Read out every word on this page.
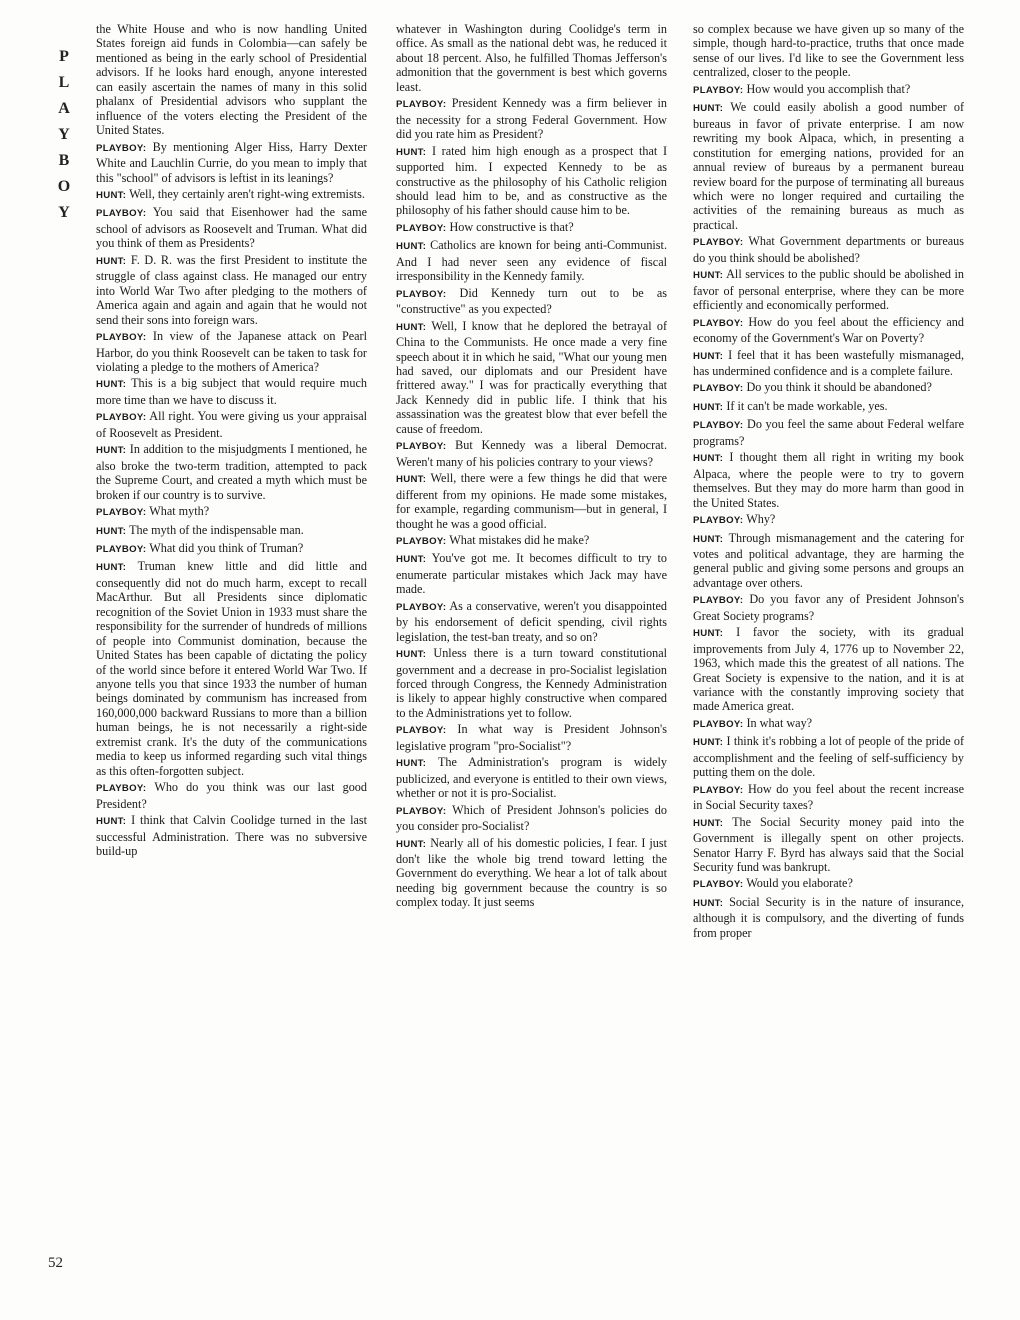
P
L
A
Y
B
O
Y

the White House and who is now handling United States foreign aid funds in Colombia—can safely be mentioned as being in the early school of Presidential advisors. If he looks hard enough, anyone interested can easily ascertain the names of many in this solid phalanx of Presidential advisors who supplant the influence of the voters electing the President of the United States.

PLAYBOY: By mentioning Alger Hiss, Harry Dexter White and Lauchlin Currie, do you mean to imply that this "school" of advisors is leftist in its leanings?

HUNT: Well, they certainly aren't right-wing extremists.

PLAYBOY: You said that Eisenhower had the same school of advisors as Roosevelt and Truman. What did you think of them as Presidents?

HUNT: F. D. R. was the first President to institute the struggle of class against class. He managed our entry into World War Two after pledging to the mothers of America again and again and again that he would not send their sons into foreign wars.

PLAYBOY: In view of the Japanese attack on Pearl Harbor, do you think Roosevelt can be taken to task for violating a pledge to the mothers of America?

HUNT: This is a big subject that would require much more time than we have to discuss it.

PLAYBOY: All right. You were giving us your appraisal of Roosevelt as President.

HUNT: In addition to the misjudgments I mentioned, he also broke the two-term tradition, attempted to pack the Supreme Court, and created a myth which must be broken if our country is to survive.

PLAYBOY: What myth?

HUNT: The myth of the indispensable man.

PLAYBOY: What did you think of Truman?

HUNT: Truman knew little and did little and consequently did not do much harm, except to recall MacArthur. But all Presidents since diplomatic recognition of the Soviet Union in 1933 must share the responsibility for the surrender of hundreds of millions of people into Communist domination, because the United States has been capable of dictating the policy of the world since before it entered World War Two. If anyone tells you that since 1933 the number of human beings dominated by communism has increased from 160,000,000 backward Russians to more than a billion human beings, he is not necessarily a right-side extremist crank. It's the duty of the communications media to keep us informed regarding such vital things as this often-forgotten subject.

PLAYBOY: Who do you think was our last good President?

HUNT: I think that Calvin Coolidge turned in the last successful Administration. There was no subversive build-up

whatever in Washington during Coolidge's term in office. As small as the national debt was, he reduced it about 18 percent. Also, he fulfilled Thomas Jefferson's admonition that the government is best which governs least.

PLAYBOY: President Kennedy was a firm believer in the necessity for a strong Federal Government. How did you rate him as President?

HUNT: I rated him high enough as a prospect that I supported him. I expected Kennedy to be as constructive as the philosophy of his Catholic religion should lead him to be, and as constructive as the philosophy of his father should cause him to be.

PLAYBOY: How constructive is that?

HUNT: Catholics are known for being anti-Communist. And I had never seen any evidence of fiscal irresponsibility in the Kennedy family.

PLAYBOY: Did Kennedy turn out to be as "constructive" as you expected?

HUNT: Well, I know that he deplored the betrayal of China to the Communists. He once made a very fine speech about it in which he said, "What our young men had saved, our diplomats and our President have frittered away." I was for practically everything that Jack Kennedy did in public life. I think that his assassination was the greatest blow that ever befell the cause of freedom.

PLAYBOY: But Kennedy was a liberal Democrat. Weren't many of his policies contrary to your views?

HUNT: Well, there were a few things he did that were different from my opinions. He made some mistakes, for example, regarding communism—but in general, I thought he was a good official.

PLAYBOY: What mistakes did he make?

HUNT: You've got me. It becomes difficult to try to enumerate particular mistakes which Jack may have made.

PLAYBOY: As a conservative, weren't you disappointed by his endorsement of deficit spending, civil rights legislation, the test-ban treaty, and so on?

HUNT: Unless there is a turn toward constitutional government and a decrease in pro-Socialist legislation forced through Congress, the Kennedy Administration is likely to appear highly constructive when compared to the Administrations yet to follow.

PLAYBOY: In what way is President Johnson's legislative program "pro-Socialist"?

HUNT: The Administration's program is widely publicized, and everyone is entitled to their own views, whether or not it is pro-Socialist.

PLAYBOY: Which of President Johnson's policies do you consider pro-Socialist?

HUNT: Nearly all of his domestic policies, I fear. I just don't like the whole big trend toward letting the Government do everything. We hear a lot of talk about needing big government because the country is so complex today. It just seems

so complex because we have given up so many of the simple, though hard-to-practice, truths that once made sense of our lives. I'd like to see the Government less centralized, closer to the people.

PLAYBOY: How would you accomplish that?

HUNT: We could easily abolish a good number of bureaus in favor of private enterprise. I am now rewriting my book Alpaca, which, in presenting a constitution for emerging nations, provided for an annual review of bureaus by a permanent bureau review board for the purpose of terminating all bureaus which were no longer required and curtailing the activities of the remaining bureaus as much as practical.

PLAYBOY: What Government departments or bureaus do you think should be abolished?

HUNT: All services to the public should be abolished in favor of personal enterprise, where they can be more efficiently and economically performed.

PLAYBOY: How do you feel about the efficiency and economy of the Government's War on Poverty?

HUNT: I feel that it has been wastefully mismanaged, has undermined confidence and is a complete failure.

PLAYBOY: Do you think it should be abandoned?

HUNT: If it can't be made workable, yes.

PLAYBOY: Do you feel the same about Federal welfare programs?

HUNT: I thought them all right in writing my book Alpaca, where the people were to try to govern themselves. But they may do more harm than good in the United States.

PLAYBOY: Why?

HUNT: Through mismanagement and the catering for votes and political advantage, they are harming the general public and giving some persons and groups an advantage over others.

PLAYBOY: Do you favor any of President Johnson's Great Society programs?

HUNT: I favor the society, with its gradual improvements from July 4, 1776 up to November 22, 1963, which made this the greatest of all nations. The Great Society is expensive to the nation, and it is at variance with the constantly improving society that made America great.

PLAYBOY: In what way?

HUNT: I think it's robbing a lot of people of the pride of accomplishment and the feeling of self-sufficiency by putting them on the dole.

PLAYBOY: How do you feel about the recent increase in Social Security taxes?

HUNT: The Social Security money paid into the Government is illegally spent on other projects. Senator Harry F. Byrd has always said that the Social Security fund was bankrupt.

PLAYBOY: Would you elaborate?

HUNT: Social Security is in the nature of insurance, although it is compulsory, and the diverting of funds from proper

52
